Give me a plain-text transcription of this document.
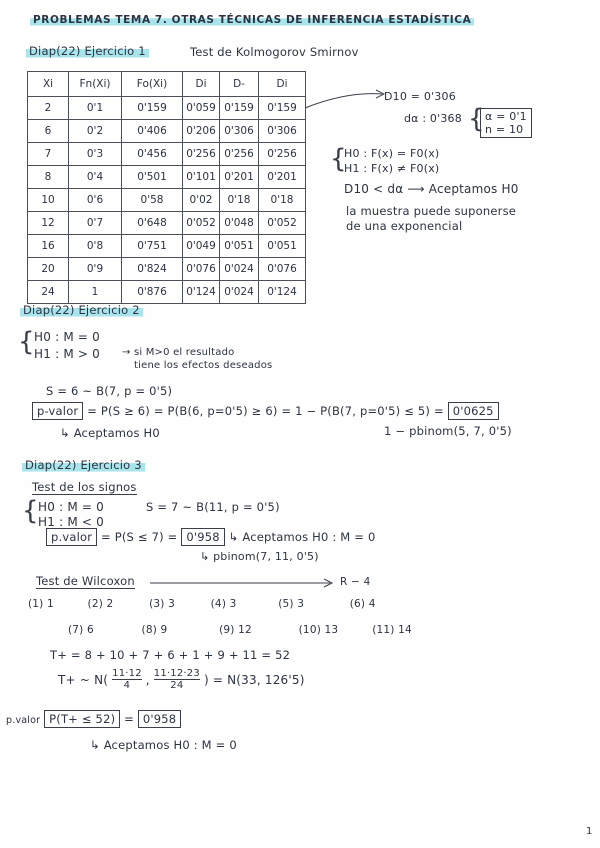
PROBLEMAS TEMA 7. OTRAS TÉCNICAS DE INFERENCIA ESTADÍSTICA
Diap(22) Ejercicio 1	Test de Kolmogorov Smirnov
Xi	Fn(Xi)	Fo(Xi)	Di	D-	Di
2	0'1	0'159	0'059	0'159	0'159
6	0'2	0'406	0'206	0'306	0'306
7	0'3	0'456	0'256	0'256	0'256
8	0'4	0'501	0'101	0'201	0'201
10	0'6	0'58	0'02	0'18	0'18
12	0'7	0'648	0'052	0'048	0'052
16	0'8	0'751	0'049	0'051	0'051
20	0'9	0'824	0'076	0'024	0'076
24	1	0'876	0'124	0'024	0'124
D10 = 0'306
dα : 0'368 { α = 0'1
n = 10
{
H0 : F(x) = F0(x)
H1 : F(x) ≠ F0(x)
D10 < dα ⟶ Aceptamos H0
la muestra puede suponerse
de una exponencial
Diap(22) Ejercicio 2
{ H0 : M = 0
H1 : M > 0 → si M>0 el resultado
tiene los efectos deseados
S = 6 ~ B(7, p = 0'5)
p-valor = P(S ≥ 6) = P(B(6, p=0'5) ≥ 6) = 1 − P(B(7, p=0'5) ≤ 5) = 0'0625
↳ Aceptamos H0	1 − pbinom(5, 7, 0'5)
Diap(22) Ejercicio 3
Test de los signos
{ H0 : M = 0
H1 : M < 0
S = 7 ~ B(11, p = 0'5)
p.valor = P(S ≤ 7) = 0'958 ↳ Aceptamos H0 : M = 0
↳ pbinom(7, 11, 0'5)
Test de Wilcoxon	R − 4
(1) 1	(2) 2	(3) 3	(4) 3	(5) 3	(6) 4
(7) 6	(8) 9	(9) 12	(10) 13	(11) 14
T+ = 8 + 10 + 7 + 6 + 1 + 9 + 11 = 52
T+ ~ $N( \frac{11\cdot 12}{4}$ , $\frac{11\cdot 12\cdot 23}{24}$ ) = N(33, 126'5)
p.valor P(T+ ≤ 52) = 0'958
↳ Aceptamos H0 : M = 0
1
